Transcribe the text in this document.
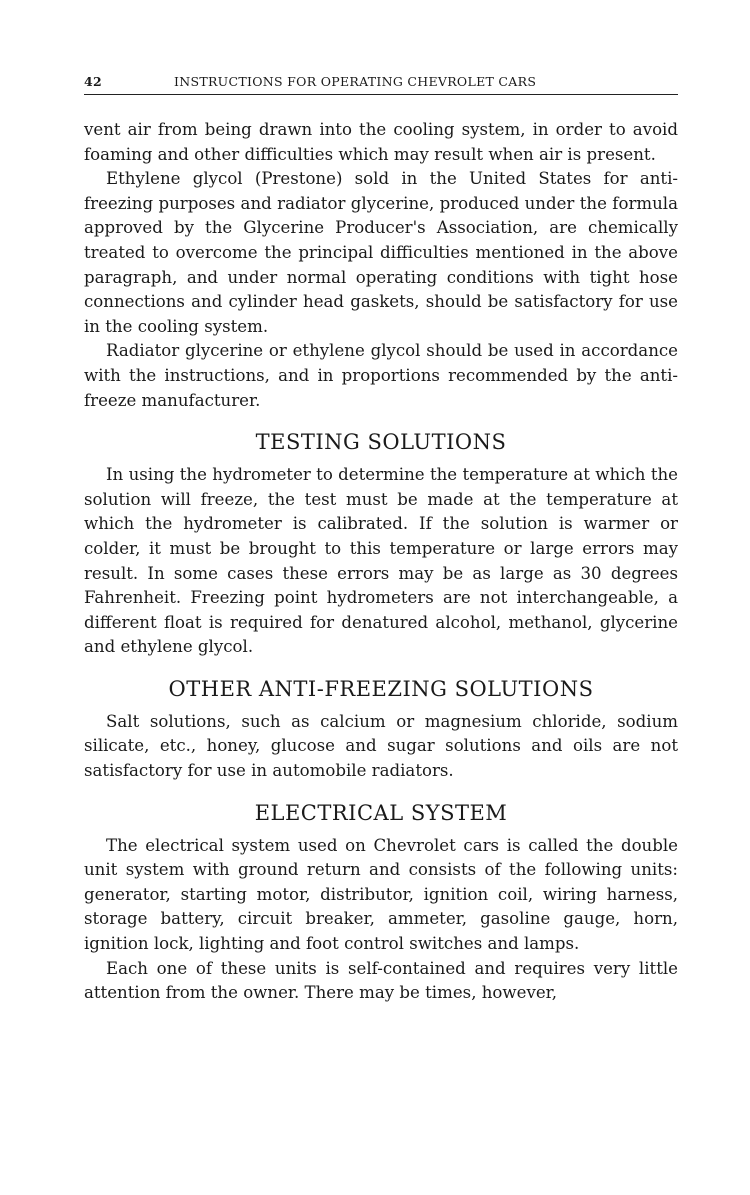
42	INSTRUCTIONS FOR OPERATING CHEVROLET CARS

vent air from being drawn into the cooling system, in order to avoid foaming and other difficulties which may result when air is present.

Ethylene glycol (Prestone) sold in the United States for anti-freezing purposes and radiator glycerine, produced under the formula approved by the Glycerine Producer's Association, are chemically treated to overcome the principal difficulties mentioned in the above paragraph, and under normal operating conditions with tight hose connections and cylinder head gaskets, should be satisfactory for use in the cooling system.

Radiator glycerine or ethylene glycol should be used in accordance with the instructions, and in proportions recommended by the anti-freeze manufacturer.

TESTING SOLUTIONS

In using the hydrometer to determine the temperature at which the solution will freeze, the test must be made at the temperature at which the hydrometer is calibrated. If the solution is warmer or colder, it must be brought to this temperature or large errors may result. In some cases these errors may be as large as 30 degrees Fahrenheit. Freezing point hydrometers are not interchangeable, a different float is required for denatured alcohol, methanol, glycerine and ethylene glycol.

OTHER ANTI-FREEZING SOLUTIONS

Salt solutions, such as calcium or magnesium chloride, sodium silicate, etc., honey, glucose and sugar solutions and oils are not satisfactory for use in automobile radiators.

ELECTRICAL SYSTEM

The electrical system used on Chevrolet cars is called the double unit system with ground return and consists of the following units: generator, starting motor, distributor, ignition coil, wiring harness, storage battery, circuit breaker, ammeter, gasoline gauge, horn, ignition lock, lighting and foot control switches and lamps.

Each one of these units is self-contained and requires very little attention from the owner. There may be times, however,
